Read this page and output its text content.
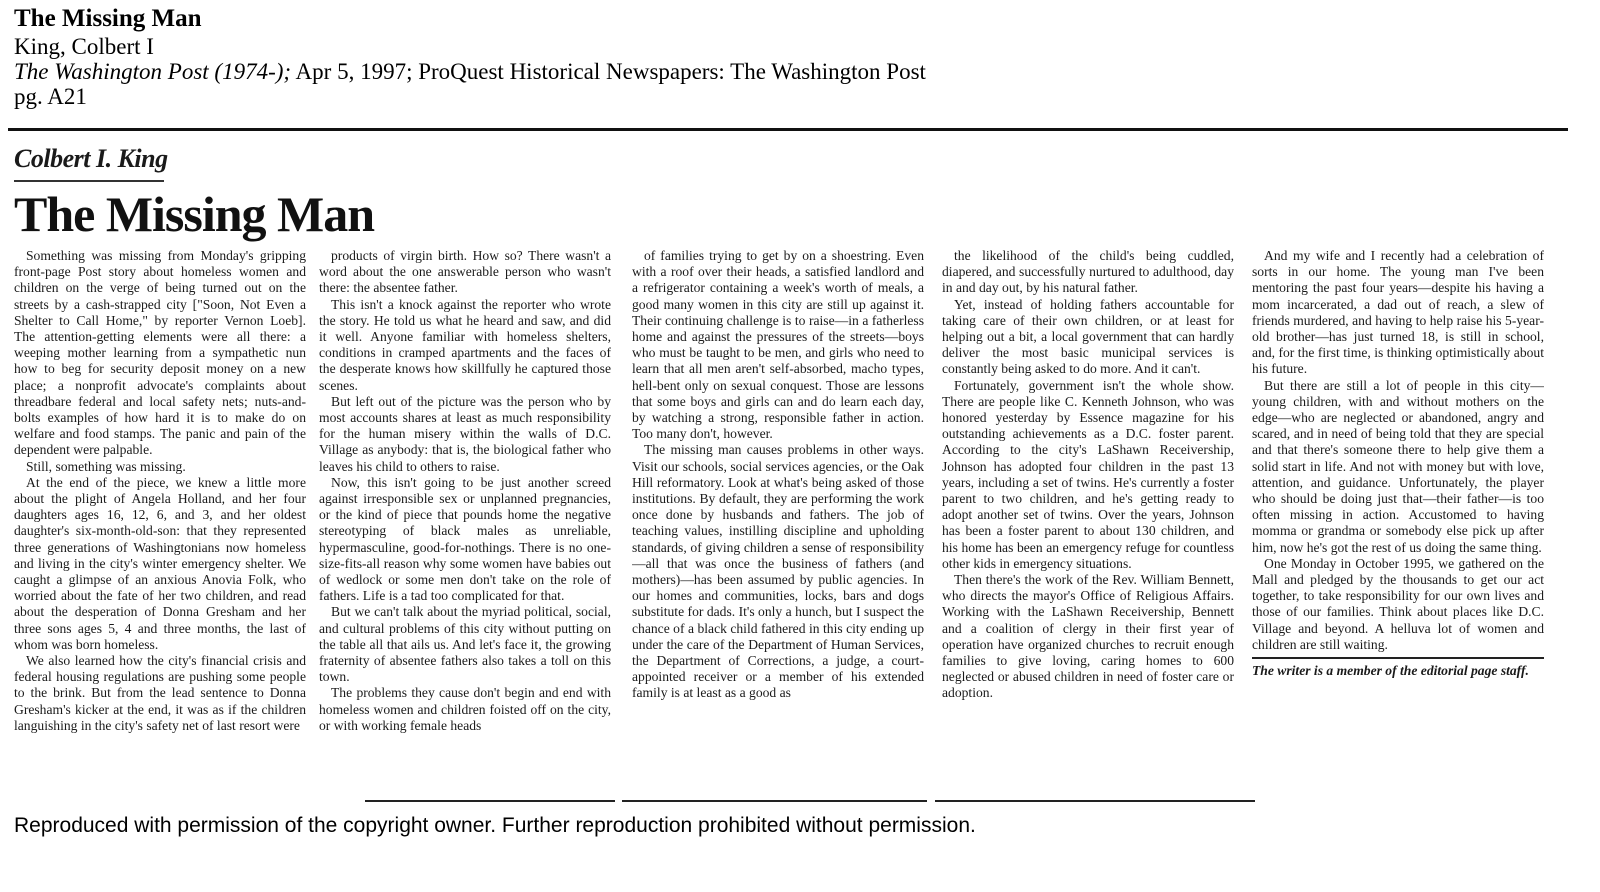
The Missing Man
King, Colbert I
The Washington Post (1974-); Apr 5, 1997; ProQuest Historical Newspapers: The Washington Post
pg. A21
Colbert I. King
The Missing Man

Something was missing from Monday's gripping front-page Post story about homeless women and children on the verge of being turned out on the streets by a cash-strapped city ["Soon, Not Even a Shelter to Call Home," by reporter Vernon Loeb]. The attention-getting elements were all there: a weeping mother learning from a sympathetic nun how to beg for security deposit money on a new place; a nonprofit advocate's complaints about threadbare federal and local safety nets; nuts-and-bolts examples of how hard it is to make do on welfare and food stamps. The panic and pain of the dependent were palpable.

Still, something was missing.

At the end of the piece, we knew a little more about the plight of Angela Holland, and her four daughters ages 16, 12, 6, and 3, and her oldest daughter's six-month-old-son: that they represented three generations of Washingtonians now homeless and living in the city's winter emergency shelter. We caught a glimpse of an anxious Anovia Folk, who worried about the fate of her two children, and read about the desperation of Donna Gresham and her three sons ages 5, 4 and three months, the last of whom was born homeless.

We also learned how the city's financial crisis and federal housing regulations are pushing some people to the brink. But from the lead sentence to Donna Gresham's kicker at the end, it was as if the children languishing in the city's safety net of last resort were

products of virgin birth. How so? There wasn't a word about the one answerable person who wasn't there: the absentee father.

This isn't a knock against the reporter who wrote the story. He told us what he heard and saw, and did it well. Anyone familiar with homeless shelters, conditions in cramped apartments and the faces of the desperate knows how skillfully he captured those scenes.

But left out of the picture was the person who by most accounts shares at least as much responsibility for the human misery within the walls of D.C. Village as anybody: that is, the biological father who leaves his child to others to raise.

Now, this isn't going to be just another screed against irresponsible sex or unplanned pregnancies, or the kind of piece that pounds home the negative stereotyping of black males as unreliable, hypermasculine, good-for-nothings. There is no one-size-fits-all reason why some women have babies out of wedlock or some men don't take on the role of fathers. Life is a tad too complicated for that.

But we can't talk about the myriad political, social, and cultural problems of this city without putting on the table all that ails us. And let's face it, the growing fraternity of absentee fathers also takes a toll on this town.

The problems they cause don't begin and end with homeless women and children foisted off on the city, or with working female heads

of families trying to get by on a shoestring. Even with a roof over their heads, a satisfied landlord and a refrigerator containing a week's worth of meals, a good many women in this city are still up against it. Their continuing challenge is to raise—in a fatherless home and against the pressures of the streets—boys who must be taught to be men, and girls who need to learn that all men aren't self-absorbed, macho types, hell-bent only on sexual conquest. Those are lessons that some boys and girls can and do learn each day, by watching a strong, responsible father in action. Too many don't, however.

The missing man causes problems in other ways. Visit our schools, social services agencies, or the Oak Hill reformatory. Look at what's being asked of those institutions. By default, they are performing the work once done by husbands and fathers. The job of teaching values, instilling discipline and upholding standards, of giving children a sense of responsibility—all that was once the business of fathers (and mothers)—has been assumed by public agencies. In our homes and communities, locks, bars and dogs substitute for dads. It's only a hunch, but I suspect the chance of a black child fathered in this city ending up under the care of the Department of Human Services, the Department of Corrections, a judge, a court-appointed receiver or a member of his extended family is at least as a good as

the likelihood of the child's being cuddled, diapered, and successfully nurtured to adulthood, day in and day out, by his natural father.

Yet, instead of holding fathers accountable for taking care of their own children, or at least for helping out a bit, a local government that can hardly deliver the most basic municipal services is constantly being asked to do more. And it can't.

Fortunately, government isn't the whole show. There are people like C. Kenneth Johnson, who was honored yesterday by Essence magazine for his outstanding achievements as a D.C. foster parent. According to the city's LaShawn Receivership, Johnson has adopted four children in the past 13 years, including a set of twins. He's currently a foster parent to two children, and he's getting ready to adopt another set of twins. Over the years, Johnson has been a foster parent to about 130 children, and his home has been an emergency refuge for countless other kids in emergency situations.

Then there's the work of the Rev. William Bennett, who directs the mayor's Office of Religious Affairs. Working with the LaShawn Receivership, Bennett and a coalition of clergy in their first year of operation have organized churches to recruit enough families to give loving, caring homes to 600 neglected or abused children in need of foster care or adoption.

And my wife and I recently had a celebration of sorts in our home. The young man I've been mentoring the past four years—despite his having a mom incarcerated, a dad out of reach, a slew of friends murdered, and having to help raise his 5-year-old brother—has just turned 18, is still in school, and, for the first time, is thinking optimistically about his future.

But there are still a lot of people in this city—young children, with and without mothers on the edge—who are neglected or abandoned, angry and scared, and in need of being told that they are special and that there's someone there to help give them a solid start in life. And not with money but with love, attention, and guidance. Unfortunately, the player who should be doing just that—their father—is too often missing in action. Accustomed to having momma or grandma or somebody else pick up after him, now he's got the rest of us doing the same thing.

One Monday in October 1995, we gathered on the Mall and pledged by the thousands to get our act together, to take responsibility for our own lives and those of our families. Think about places like D.C. Village and beyond. A helluva lot of women and children are still waiting.

The writer is a member of the editorial page staff.

Reproduced with permission of the copyright owner. Further reproduction prohibited without permission.
